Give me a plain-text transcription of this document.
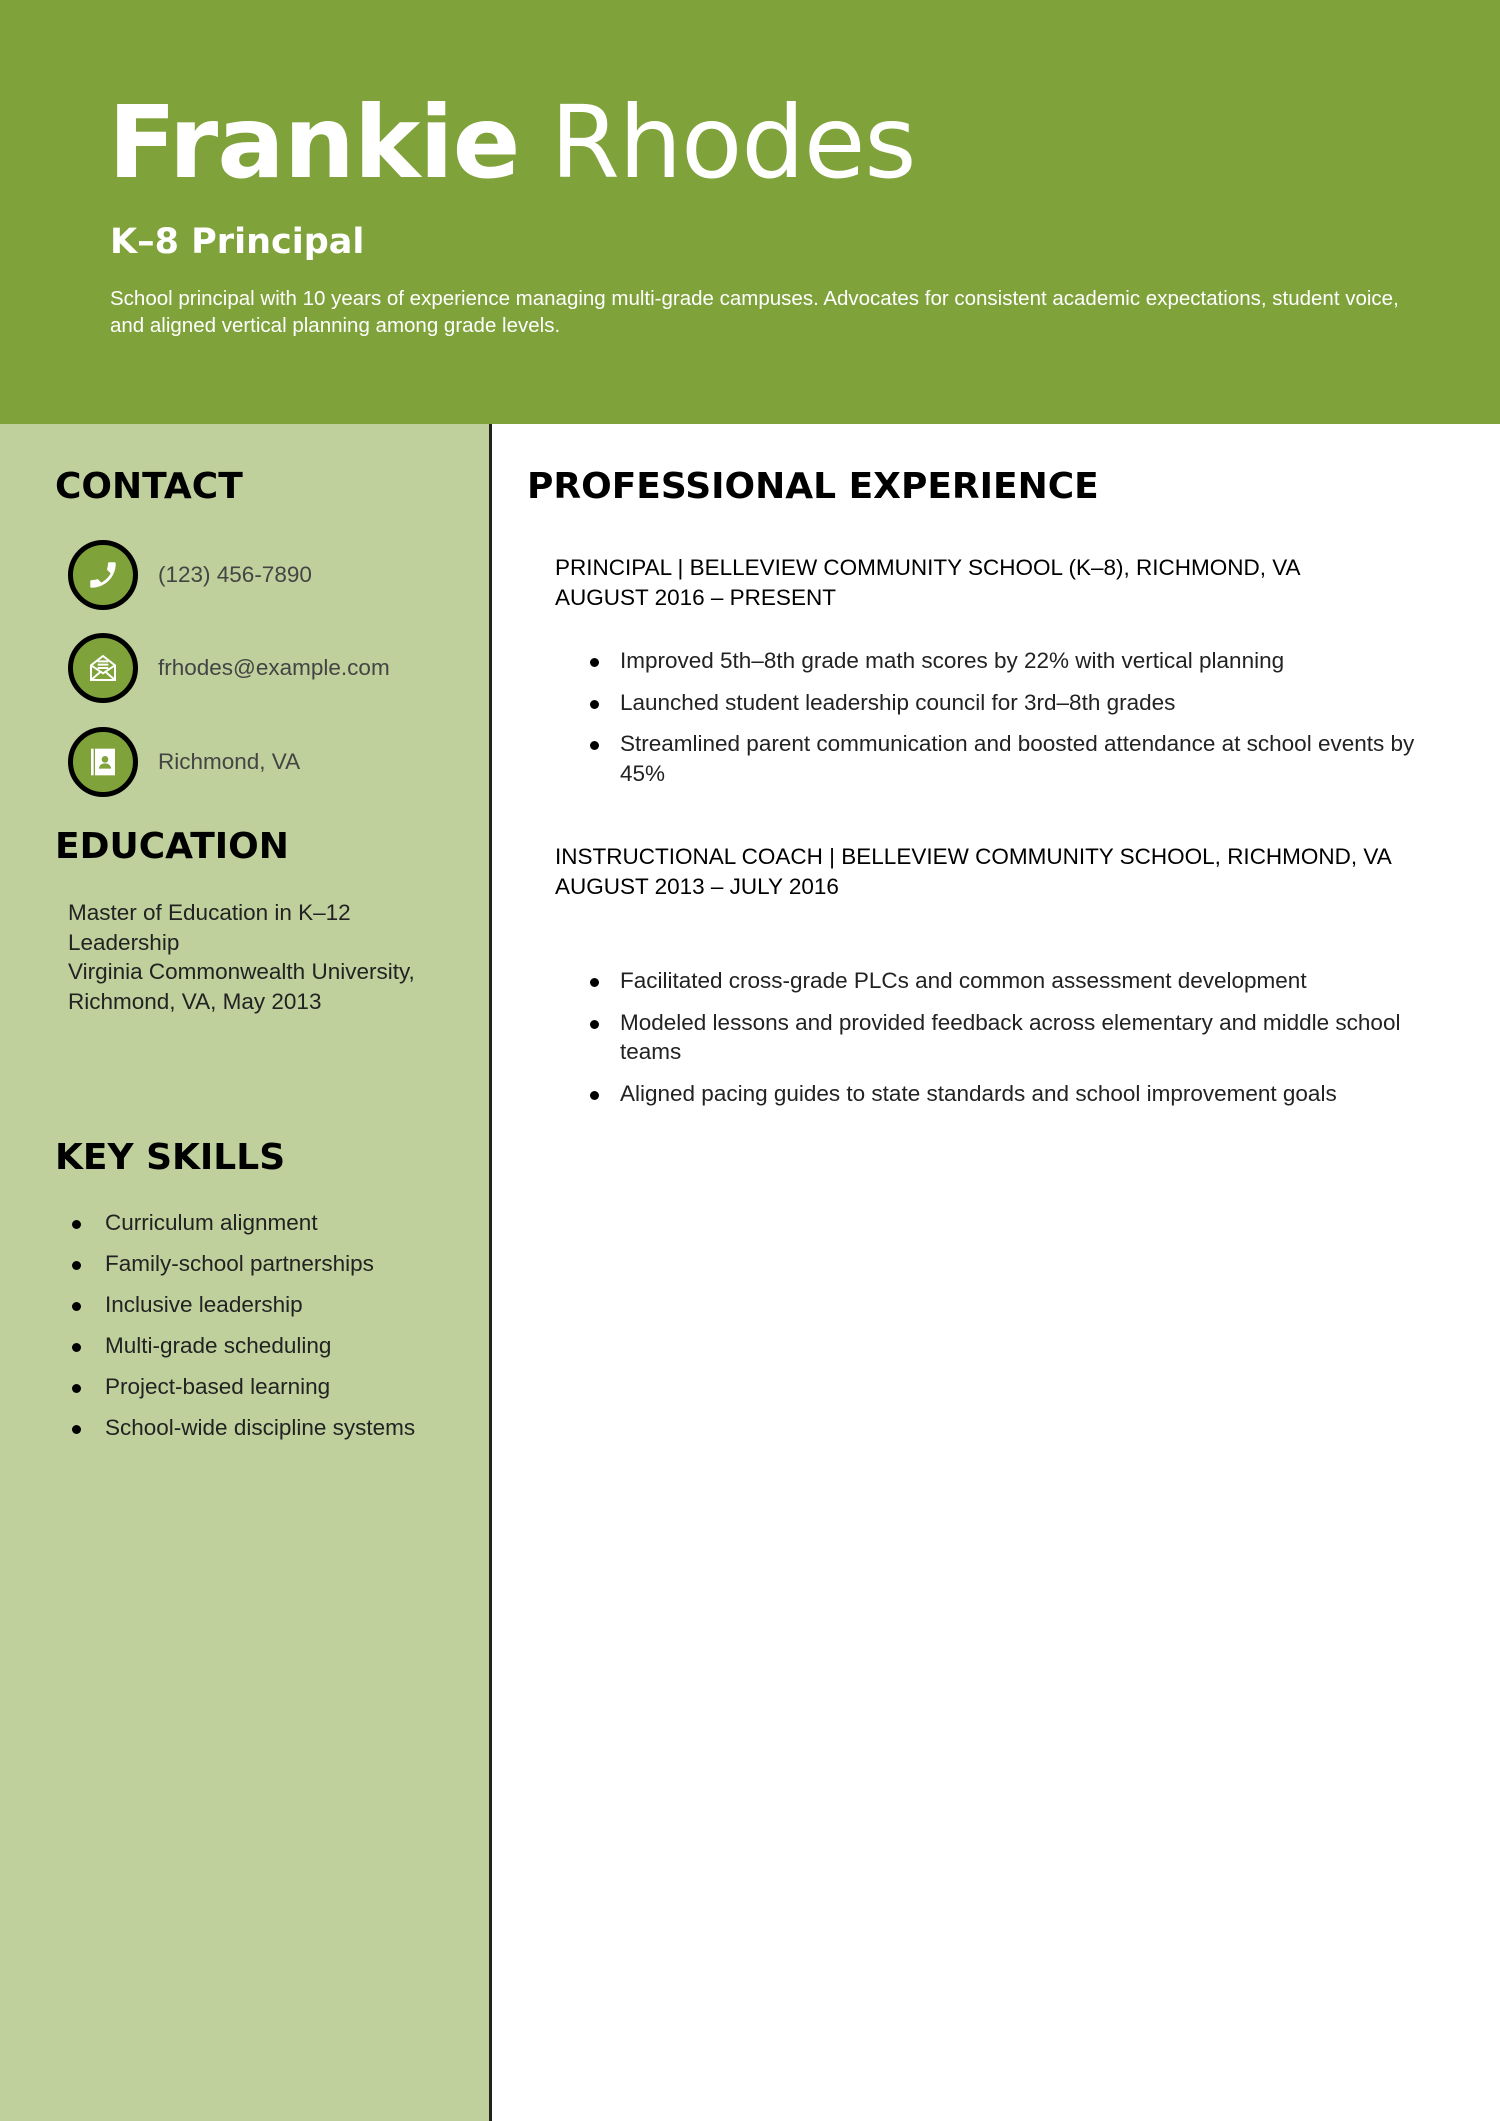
Frankie Rhodes
K–8 Principal
School principal with 10 years of experience managing multi-grade campuses. Advocates for consistent academic expectations, student voice, and aligned vertical planning among grade levels.
CONTACT
(123) 456-7890
frhodes@example.com
Richmond, VA
EDUCATION
Master of Education in K–12 Leadership
Virginia Commonwealth University, Richmond, VA, May 2013
KEY SKILLS
Curriculum alignment
Family-school partnerships
Inclusive leadership
Multi-grade scheduling
Project-based learning
School-wide discipline systems
PROFESSIONAL EXPERIENCE
PRINCIPAL | BELLEVIEW COMMUNITY SCHOOL (K–8), RICHMOND, VA
AUGUST 2016 – PRESENT
Improved 5th–8th grade math scores by 22% with vertical planning
Launched student leadership council for 3rd–8th grades
Streamlined parent communication and boosted attendance at school events by 45%
INSTRUCTIONAL COACH | BELLEVIEW COMMUNITY SCHOOL, RICHMOND, VA
AUGUST 2013 – JULY 2016
Facilitated cross-grade PLCs and common assessment development
Modeled lessons and provided feedback across elementary and middle school teams
Aligned pacing guides to state standards and school improvement goals
